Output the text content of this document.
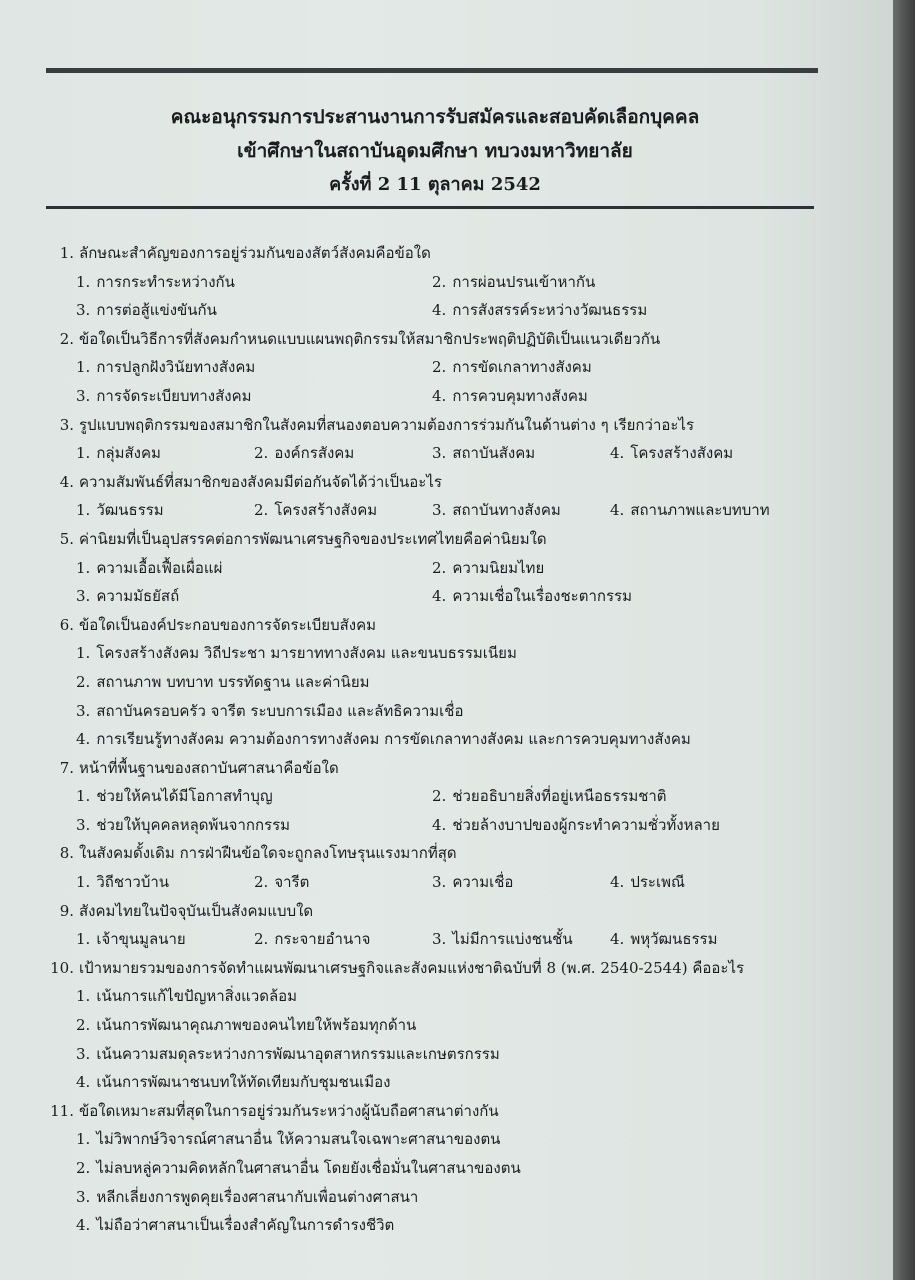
คณะอนุกรรมการประสานงานการรับสมัครและสอบคัดเลือกบุคคล
เข้าศึกษาในสถาบันอุดมศึกษา ทบวงมหาวิทยาลัย
ครั้งที่ 2 11 ตุลาคม 2542
1. ลักษณะสำคัญของการอยู่ร่วมกันของสัตว์สังคมคือข้อใด
1. การกระทำระหว่างกัน	2. การผ่อนปรนเข้าหากัน
3. การต่อสู้แข่งขันกัน	4. การสังสรรค์ระหว่างวัฒนธรรม
2. ข้อใดเป็นวิธีการที่สังคมกำหนดแบบแผนพฤติกรรมให้สมาชิกประพฤติปฏิบัติเป็นแนวเดียวกัน
1. การปลูกฝังวินัยทางสังคม	2. การขัดเกลาทางสังคม
3. การจัดระเบียบทางสังคม	4. การควบคุมทางสังคม
3. รูปแบบพฤติกรรมของสมาชิกในสังคมที่สนองตอบความต้องการร่วมกันในด้านต่าง ๆ เรียกว่าอะไร
1. กลุ่มสังคม	2. องค์กรสังคม	3. สถาบันสังคม	4. โครงสร้างสังคม
4. ความสัมพันธ์ที่สมาชิกของสังคมมีต่อกันจัดได้ว่าเป็นอะไร
1. วัฒนธรรม	2. โครงสร้างสังคม	3. สถาบันทางสังคม	4. สถานภาพและบทบาท
5. ค่านิยมที่เป็นอุปสรรคต่อการพัฒนาเศรษฐกิจของประเทศไทยคือค่านิยมใด
1. ความเอื้อเฟื้อเผื่อแผ่	2. ความนิยมไทย
3. ความมัธยัสถ์	4. ความเชื่อในเรื่องชะตากรรม
6. ข้อใดเป็นองค์ประกอบของการจัดระเบียบสังคม
1. โครงสร้างสังคม วิถีประชา มารยาททางสังคม และขนบธรรมเนียม
2. สถานภาพ บทบาท บรรทัดฐาน และค่านิยม
3. สถาบันครอบครัว จารีต ระบบการเมือง และลัทธิความเชื่อ
4. การเรียนรู้ทางสังคม ความต้องการทางสังคม การขัดเกลาทางสังคม และการควบคุมทางสังคม
7. หน้าที่พื้นฐานของสถาบันศาสนาคือข้อใด
1. ช่วยให้คนได้มีโอกาสทำบุญ	2. ช่วยอธิบายสิ่งที่อยู่เหนือธรรมชาติ
3. ช่วยให้บุคคลหลุดพ้นจากกรรม	4. ช่วยล้างบาปของผู้กระทำความชั่วทั้งหลาย
8. ในสังคมดั้งเดิม การฝ่าฝืนข้อใดจะถูกลงโทษรุนแรงมากที่สุด
1. วิถีชาวบ้าน	2. จารีต	3. ความเชื่อ	4. ประเพณี
9. สังคมไทยในปัจจุบันเป็นสังคมแบบใด
1. เจ้าขุนมูลนาย	2. กระจายอำนาจ	3. ไม่มีการแบ่งชนชั้น	4. พหุวัฒนธรรม
10. เป้าหมายรวมของการจัดทำแผนพัฒนาเศรษฐกิจและสังคมแห่งชาติฉบับที่ 8 (พ.ศ. 2540-2544) คืออะไร
1. เน้นการแก้ไขปัญหาสิ่งแวดล้อม
2. เน้นการพัฒนาคุณภาพของคนไทยให้พร้อมทุกด้าน
3. เน้นความสมดุลระหว่างการพัฒนาอุตสาหกรรมและเกษตรกรรม
4. เน้นการพัฒนาชนบทให้ทัดเทียมกับชุมชนเมือง
11. ข้อใดเหมาะสมที่สุดในการอยู่ร่วมกันระหว่างผู้นับถือศาสนาต่างกัน
1. ไม่วิพากษ์วิจารณ์ศาสนาอื่น ให้ความสนใจเฉพาะศาสนาของตน
2. ไม่ลบหลู่ความคิดหลักในศาสนาอื่น โดยยังเชื่อมั่นในศาสนาของตน
3. หลีกเลี่ยงการพูดคุยเรื่องศาสนากับเพื่อนต่างศาสนา
4. ไม่ถือว่าศาสนาเป็นเรื่องสำคัญในการดำรงชีวิต
